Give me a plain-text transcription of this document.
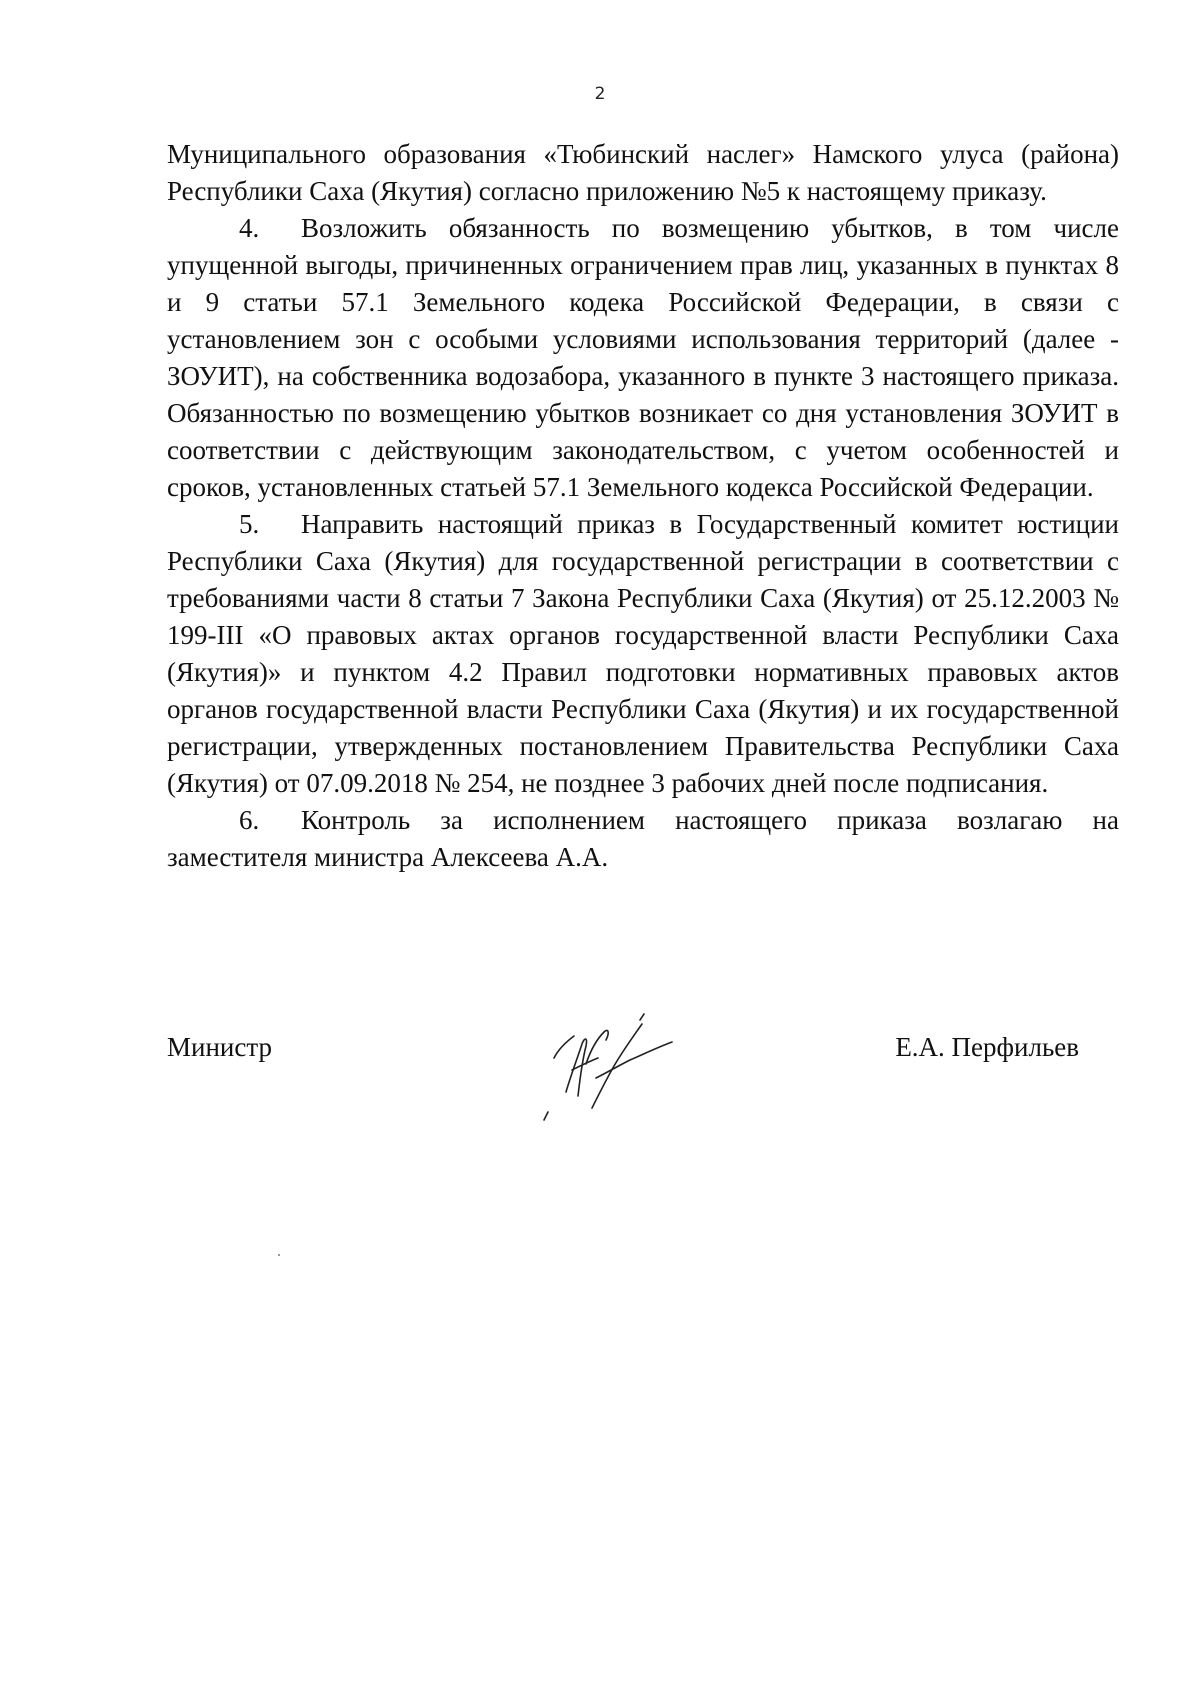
2

Муниципального образования «Тюбинский наслег» Намского улуса (района) Республики Саха (Якутия) согласно приложению №5 к настоящему приказу.

4. Возложить обязанность по возмещению убытков, в том числе упущенной выгоды, причиненных ограничением прав лиц, указанных в пунктах 8 и 9 статьи 57.1 Земельного кодека Российской Федерации, в связи с установлением зон с особыми условиями использования территорий (далее - ЗОУИТ), на собственника водозабора, указанного в пункте 3 настоящего приказа. Обязанностью по возмещению убытков возникает со дня установления ЗОУИТ в соответствии с действующим законодательством, с учетом особенностей и сроков, установленных статьей 57.1 Земельного кодекса Российской Федерации.

5. Направить настоящий приказ в Государственный комитет юстиции Республики Саха (Якутия) для государственной регистрации в соответствии с требованиями части 8 статьи 7 Закона Республики Саха (Якутия) от 25.12.2003 № 199-III «О правовых актах органов государственной власти Республики Саха (Якутия)» и пунктом 4.2 Правил подготовки нормативных правовых актов органов государственной власти Республики Саха (Якутия) и их государственной регистрации, утвержденных постановлением Правительства Республики Саха (Якутия) от 07.09.2018 № 254, не позднее 3 рабочих дней после подписания.

6. Контроль за исполнением настоящего приказа возлагаю на заместителя министра Алексеева А.А.

Министр	Е.А. Перфильев
